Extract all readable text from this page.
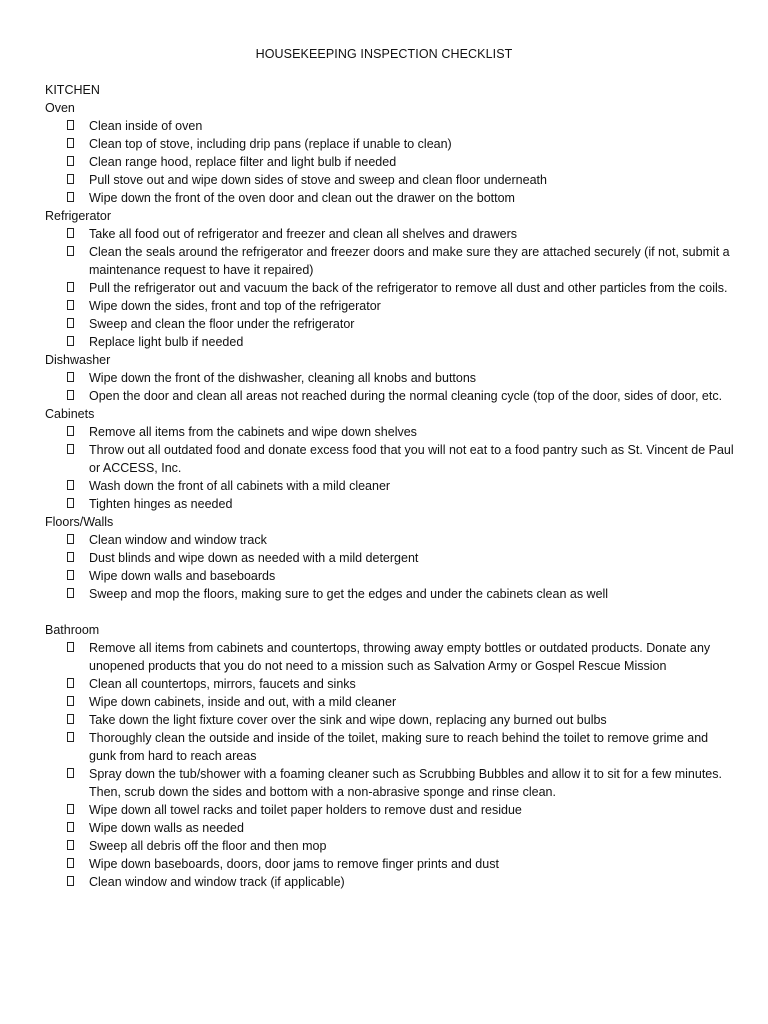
HOUSEKEEPING INSPECTION CHECKLIST
KITCHEN
Oven
Clean inside of oven
Clean top of stove, including drip pans (replace if unable to clean)
Clean range hood, replace filter and light bulb if needed
Pull stove out and wipe down sides of stove and sweep and clean floor underneath
Wipe down the front of the oven door and clean out the drawer on the bottom
Refrigerator
Take all food out of refrigerator and freezer and clean all shelves and drawers
Clean the seals around the refrigerator and freezer doors and make sure they are attached securely (if not, submit a maintenance request to have it repaired)
Pull the refrigerator out and vacuum the back of the refrigerator to remove all dust and other particles from the coils.
Wipe down the sides, front and top of the refrigerator
Sweep and clean the floor under the refrigerator
Replace light bulb if needed
Dishwasher
Wipe down the front of the dishwasher, cleaning all knobs and buttons
Open the door and clean all areas not reached during the normal cleaning cycle (top of the door, sides of door, etc.
Cabinets
Remove all items from the cabinets and wipe down shelves
Throw out all outdated food and donate excess food that you will not eat to a food pantry such as St. Vincent de Paul or ACCESS, Inc.
Wash down the front of all cabinets with a mild cleaner
Tighten hinges as needed
Floors/Walls
Clean window and window track
Dust blinds and wipe down as needed with a mild detergent
Wipe down walls and baseboards
Sweep and mop the floors, making sure to get the edges and under the cabinets clean as well
Bathroom
Remove all items from cabinets and countertops, throwing away empty bottles or outdated products. Donate any unopened products that you do not need to a mission such as Salvation Army or Gospel Rescue Mission
Clean all countertops, mirrors, faucets and sinks
Wipe down cabinets, inside and out, with a mild cleaner
Take down the light fixture cover over the sink and wipe down, replacing any burned out bulbs
Thoroughly clean the outside and inside of the toilet, making sure to reach behind the toilet to remove grime and gunk from hard to reach areas
Spray down the tub/shower with a foaming cleaner such as Scrubbing Bubbles and allow it to sit for a few minutes. Then, scrub down the sides and bottom with a non-abrasive sponge and rinse clean.
Wipe down all towel racks and toilet paper holders to remove dust and residue
Wipe down walls as needed
Sweep all debris off the floor and then mop
Wipe down baseboards, doors, door jams to remove finger prints and dust
Clean window and window track (if applicable)
